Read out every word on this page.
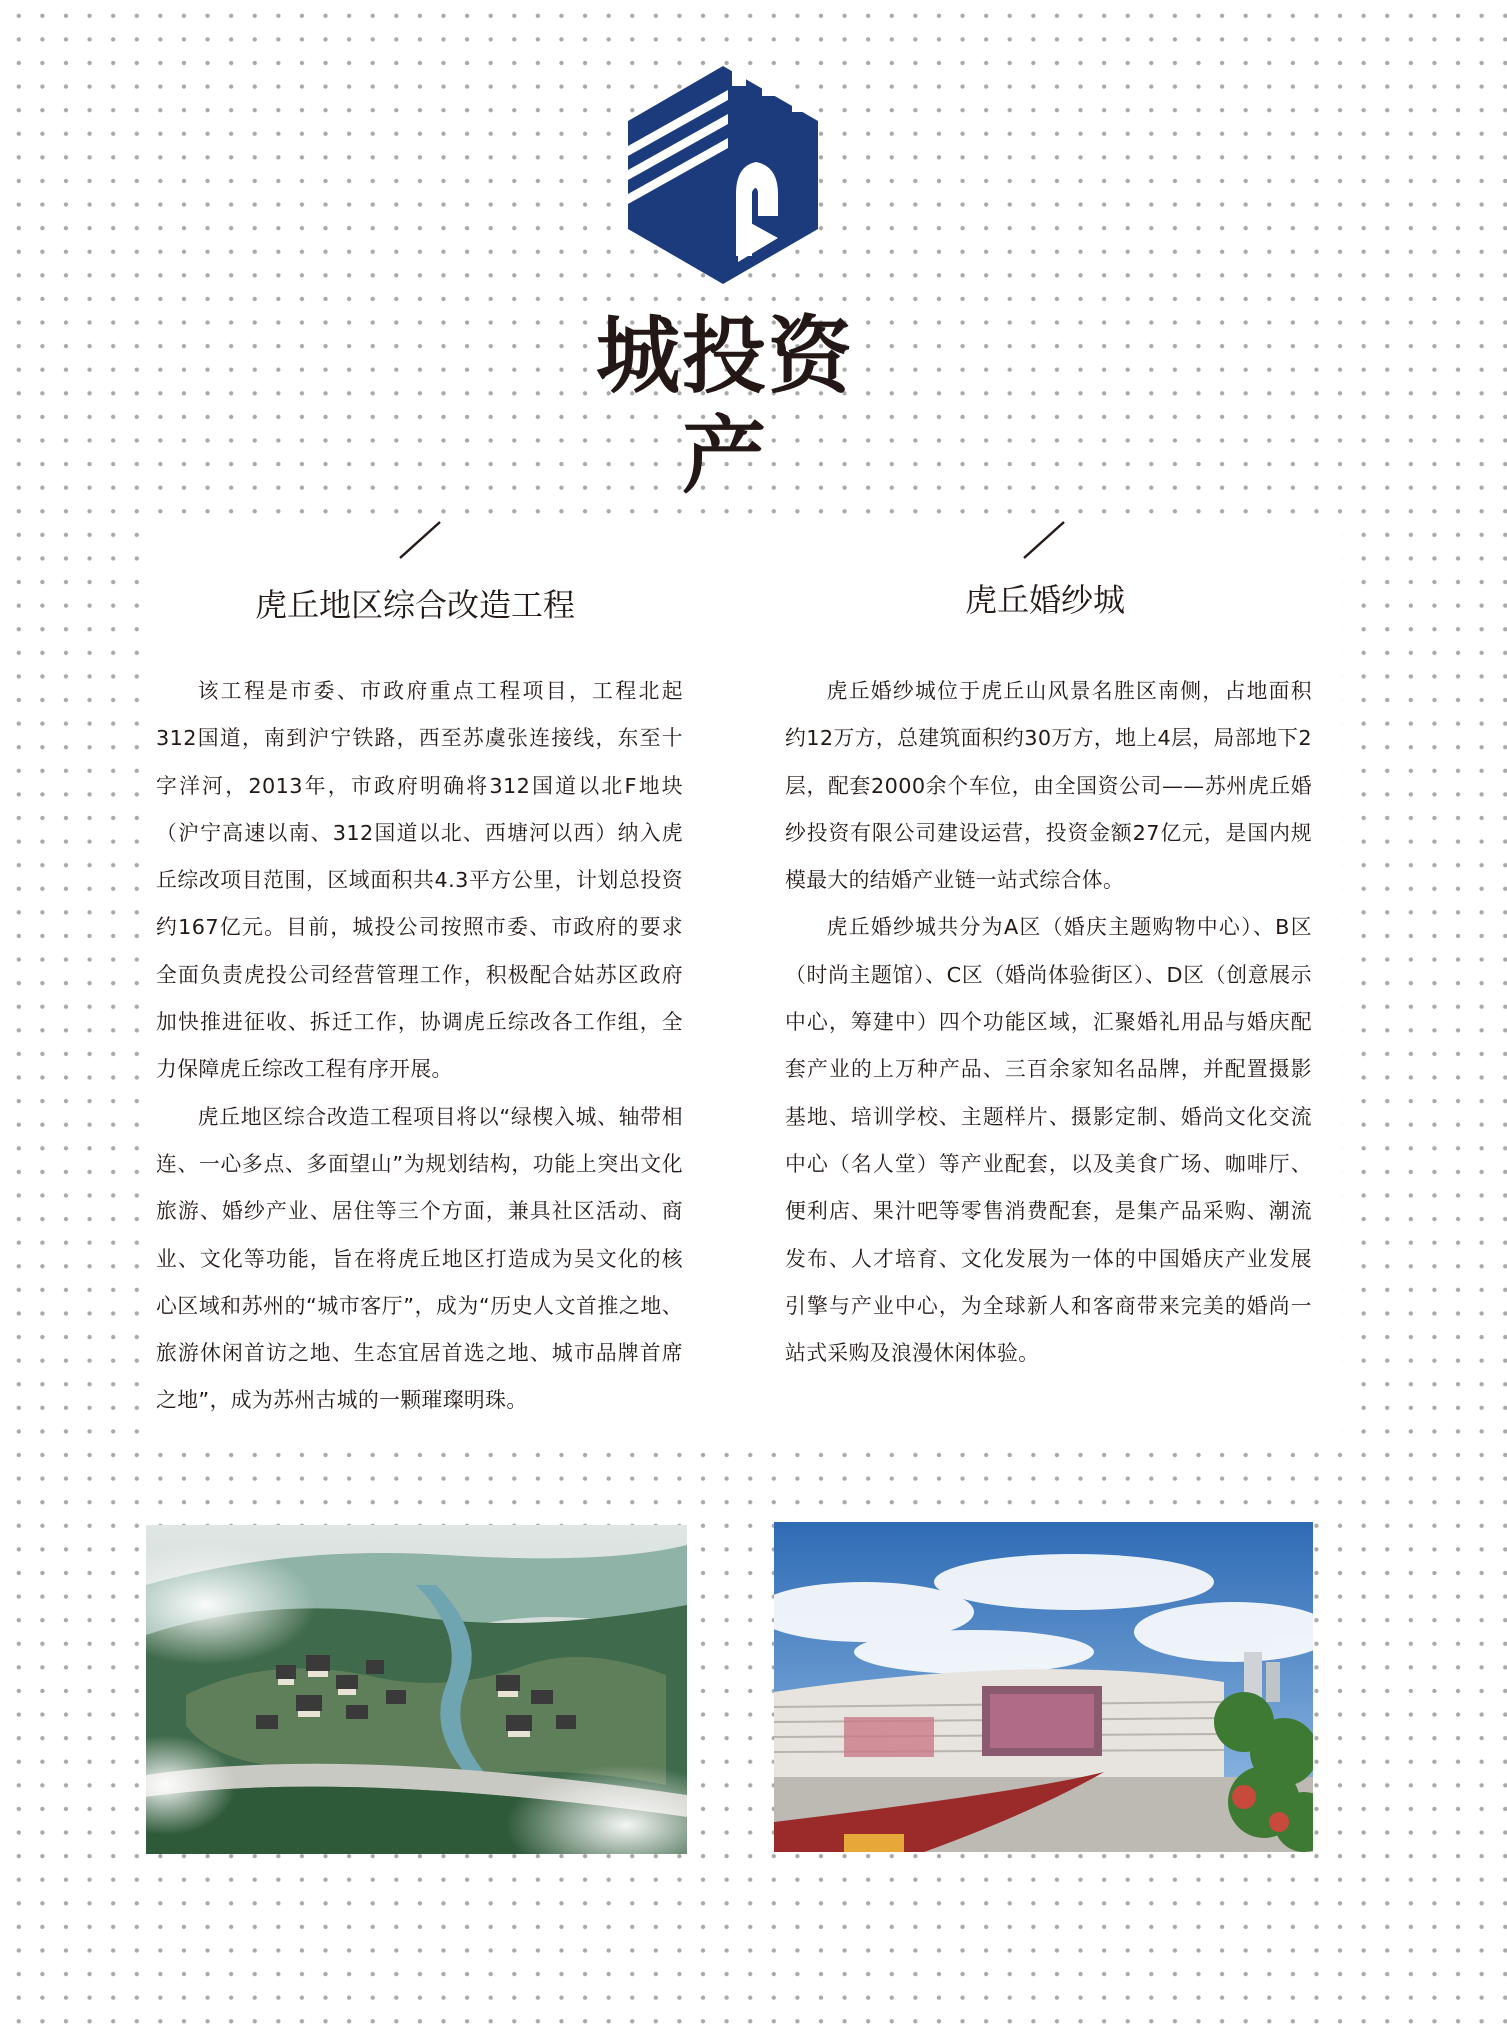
城投资产
虎丘地区综合改造工程

该工程是市委、市政府重点工程项目，工程北起312国道，南到沪宁铁路，西至苏虞张连接线，东至十字洋河，2013年，市政府明确将312国道以北F地块（沪宁高速以南、312国道以北、西塘河以西）纳入虎丘综改项目范围，区域面积共4.3平方公里，计划总投资约167亿元。目前，城投公司按照市委、市政府的要求全面负责虎投公司经营管理工作，积极配合姑苏区政府加快推进征收、拆迁工作，协调虎丘综改各工作组，全力保障虎丘综改工程有序开展。

虎丘地区综合改造工程项目将以“绿楔入城、轴带相连、一心多点、多面望山”为规划结构，功能上突出文化旅游、婚纱产业、居住等三个方面，兼具社区活动、商业、文化等功能，旨在将虎丘地区打造成为吴文化的核心区域和苏州的“城市客厅”，成为“历史人文首推之地、旅游休闲首访之地、生态宜居首选之地、城市品牌首席之地”，成为苏州古城的一颗璀璨明珠。

虎丘婚纱城

虎丘婚纱城位于虎丘山风景名胜区南侧，占地面积约12万方，总建筑面积约30万方，地上4层，局部地下2层，配套2000余个车位，由全国资公司——苏州虎丘婚纱投资有限公司建设运营，投资金额27亿元，是国内规模最大的结婚产业链一站式综合体。

虎丘婚纱城共分为A区（婚庆主题购物中心）、B区（时尚主题馆）、C区（婚尚体验街区）、D区（创意展示中心，筹建中）四个功能区域，汇聚婚礼用品与婚庆配套产业的上万种产品、三百余家知名品牌，并配置摄影基地、培训学校、主题样片、摄影定制、婚尚文化交流中心（名人堂）等产业配套，以及美食广场、咖啡厅、便利店、果汁吧等零售消费配套，是集产品采购、潮流发布、人才培育、文化发展为一体的中国婚庆产业发展引擎与产业中心，为全球新人和客商带来完美的婚尚一站式采购及浪漫休闲体验。
